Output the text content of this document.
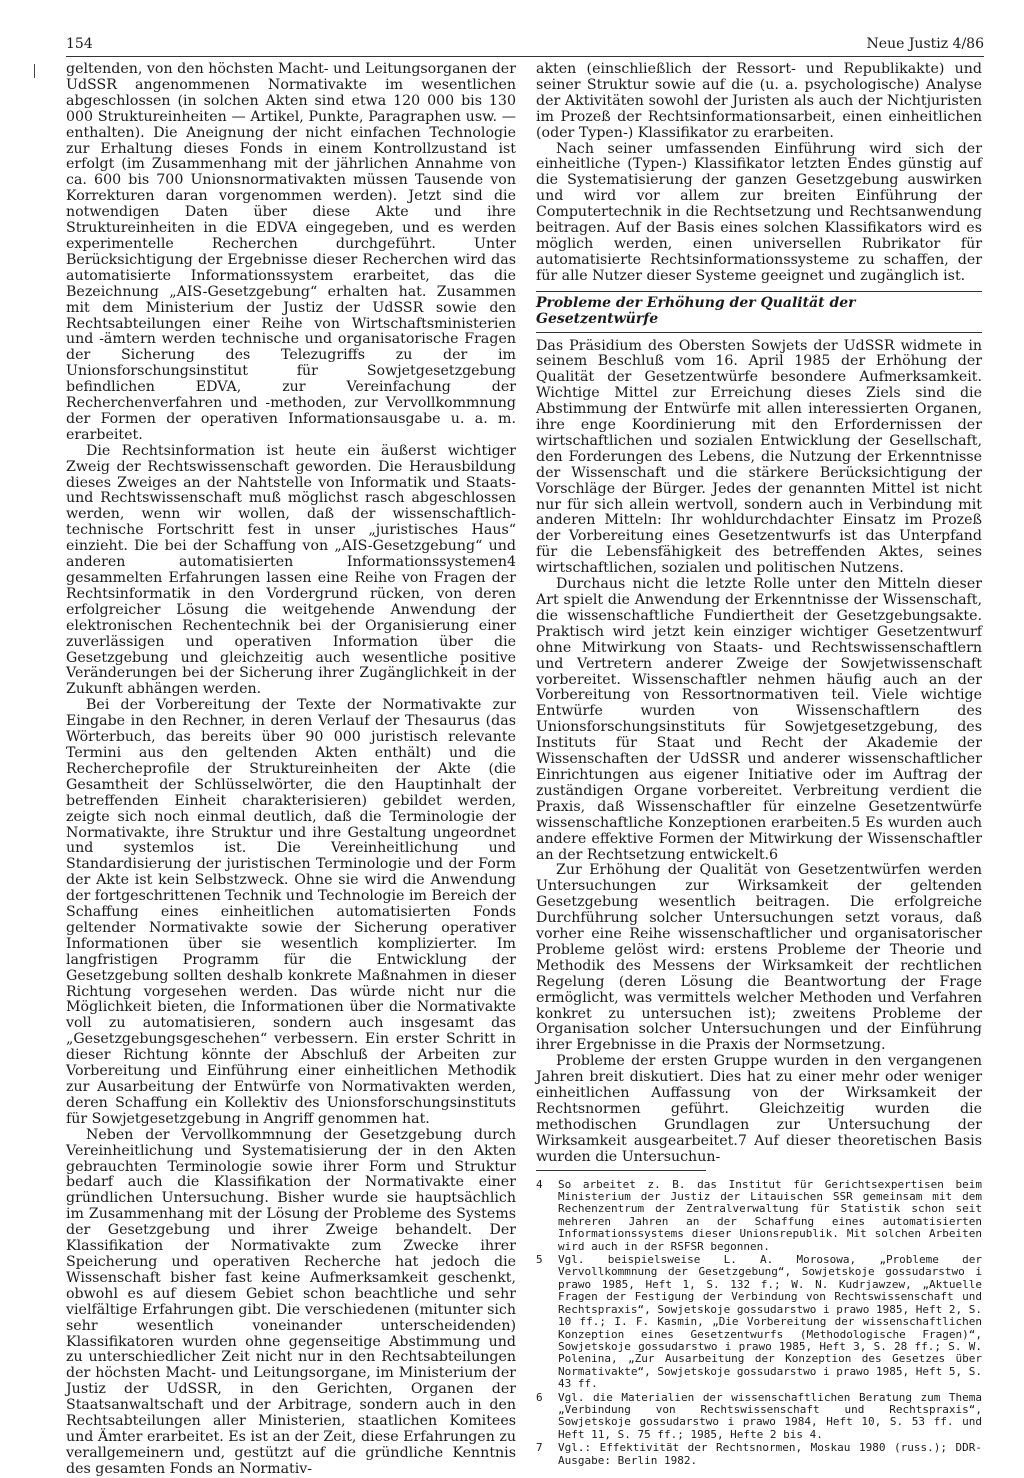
154	Neue Justiz 4/86

geltenden, von den höchsten Macht- und Leitungsorganen der UdSSR angenommenen Normativakte im wesentlichen abgeschlossen (in solchen Akten sind etwa 120 000 bis 130 000 Struktureinheiten — Artikel, Punkte, Paragraphen usw. — enthalten). Die Aneignung der nicht einfachen Technologie zur Erhaltung dieses Fonds in einem Kontrollzustand ist erfolgt (im Zusammenhang mit der jährlichen Annahme von ca. 600 bis 700 Unionsnormativakten müssen Tausende von Korrekturen daran vorgenommen werden). Jetzt sind die notwendigen Daten über diese Akte und ihre Struktureinheiten in die EDVA eingegeben, und es werden experimentelle Recherchen durchgeführt. Unter Berücksichtigung der Ergebnisse dieser Recherchen wird das automatisierte Informationssystem erarbeitet, das die Bezeichnung „AIS-Gesetzgebung“ erhalten hat. Zusammen mit dem Ministerium der Justiz der UdSSR sowie den Rechtsabteilungen einer Reihe von Wirtschaftsministerien und -ämtern werden technische und organisatorische Fragen der Sicherung des Telezugriffs zu der im Unionsforschungsinstitut für Sowjetgesetzgebung befindlichen EDVA, zur Vereinfachung der Recherchenverfahren und -methoden, zur Vervollkommnung der Formen der operativen Informationsausgabe u. a. m. erarbeitet.

Die Rechtsinformation ist heute ein äußerst wichtiger Zweig der Rechtswissenschaft geworden. Die Herausbildung dieses Zweiges an der Nahtstelle von Informatik und Staats- und Rechtswissenschaft muß möglichst rasch abgeschlossen werden, wenn wir wollen, daß der wissenschaftlich-technische Fortschritt fest in unser „juristisches Haus“ einzieht. Die bei der Schaffung von „AIS-Gesetzgebung“ und anderen automatisierten Informationssystemen4 gesammelten Erfahrungen lassen eine Reihe von Fragen der Rechtsinformatik in den Vordergrund rücken, von deren erfolgreicher Lösung die weitgehende Anwendung der elektronischen Rechentechnik bei der Organisierung einer zuverlässigen und operativen Information über die Gesetzgebung und gleichzeitig auch wesentliche positive Veränderungen bei der Sicherung ihrer Zugänglichkeit in der Zukunft abhängen werden.

Bei der Vorbereitung der Texte der Normativakte zur Eingabe in den Rechner, in deren Verlauf der Thesaurus (das Wörterbuch, das bereits über 90 000 juristisch relevante Termini aus den geltenden Akten enthält) und die Rechercheprofile der Struktureinheiten der Akte (die Gesamtheit der Schlüsselwörter, die den Hauptinhalt der betreffenden Einheit charakterisieren) gebildet werden, zeigte sich noch einmal deutlich, daß die Terminologie der Normativakte, ihre Struktur und ihre Gestaltung ungeordnet und systemlos ist. Die Vereinheitlichung und Standardisierung der juristischen Terminologie und der Form der Akte ist kein Selbstzweck. Ohne sie wird die Anwendung der fortgeschrittenen Technik und Technologie im Bereich der Schaffung eines einheitlichen automatisierten Fonds geltender Normativakte sowie der Sicherung operativer Informationen über sie wesentlich komplizierter. Im langfristigen Programm für die Entwicklung der Gesetzgebung sollten deshalb konkrete Maßnahmen in dieser Richtung vorgesehen werden. Das würde nicht nur die Möglichkeit bieten, die Informationen über die Normativakte voll zu automatisieren, sondern auch insgesamt das „Gesetzgebungsgeschehen“ verbessern. Ein erster Schritt in dieser Richtung könnte der Abschluß der Arbeiten zur Vorbereitung und Einführung einer einheitlichen Methodik zur Ausarbeitung der Entwürfe von Normativakten werden, deren Schaffung ein Kollektiv des Unionsforschungsinstituts für Sowjetgesetzgebung in Angriff genommen hat.

Neben der Vervollkommnung der Gesetzgebung durch Vereinheitlichung und Systematisierung der in den Akten gebrauchten Terminologie sowie ihrer Form und Struktur bedarf auch die Klassifikation der Normativakte einer gründlichen Untersuchung. Bisher wurde sie hauptsächlich im Zusammenhang mit der Lösung der Probleme des Systems der Gesetzgebung und ihrer Zweige behandelt. Der Klassifikation der Normativakte zum Zwecke ihrer Speicherung und operativen Recherche hat jedoch die Wissenschaft bisher fast keine Aufmerksamkeit geschenkt, obwohl es auf diesem Gebiet schon beachtliche und sehr vielfältige Erfahrungen gibt. Die verschiedenen (mitunter sich sehr wesentlich voneinander unterscheidenden) Klassifikatoren wurden ohne gegenseitige Abstimmung und zu unterschiedlicher Zeit nicht nur in den Rechtsabteilungen der höchsten Macht- und Leitungsorgane, im Ministerium der Justiz der UdSSR, in den Gerichten, Organen der Staatsanwaltschaft und der Arbitrage, sondern auch in den Rechtsabteilungen aller Ministerien, staatlichen Komitees und Ämter erarbeitet. Es ist an der Zeit, diese Erfahrungen zu verallgemeinern und, gestützt auf die gründliche Kenntnis des gesamten Fonds an Normativ-

akten (einschließlich der Ressort- und Republikakte) und seiner Struktur sowie auf die (u. a. psychologische) Analyse der Aktivitäten sowohl der Juristen als auch der Nichtjuristen im Prozeß der Rechtsinformationsarbeit, einen einheitlichen (oder Typen-) Klassifikator zu erarbeiten.

Nach seiner umfassenden Einführung wird sich der einheitliche (Typen-) Klassifikator letzten Endes günstig auf die Systematisierung der ganzen Gesetzgebung auswirken und wird vor allem zur breiten Einführung der Computertechnik in die Rechtsetzung und Rechtsanwendung beitragen. Auf der Basis eines solchen Klassifikators wird es möglich werden, einen universellen Rubrikator für automatisierte Rechtsinformationssysteme zu schaffen, der für alle Nutzer dieser Systeme geeignet und zugänglich ist.

Probleme der Erhöhung der Qualität der Gesetzentwürfe

Das Präsidium des Obersten Sowjets der UdSSR widmete in seinem Beschluß vom 16. April 1985 der Erhöhung der Qualität der Gesetzentwürfe besondere Aufmerksamkeit. Wichtige Mittel zur Erreichung dieses Ziels sind die Abstimmung der Entwürfe mit allen interessierten Organen, ihre enge Koordinierung mit den Erfordernissen der wirtschaftlichen und sozialen Entwicklung der Gesellschaft, den Forderungen des Lebens, die Nutzung der Erkenntnisse der Wissenschaft und die stärkere Berücksichtigung der Vorschläge der Bürger. Jedes der genannten Mittel ist nicht nur für sich allein wertvoll, sondern auch in Verbindung mit anderen Mitteln: Ihr wohldurchdachter Einsatz im Prozeß der Vorbereitung eines Gesetzentwurfs ist das Unterpfand für die Lebensfähigkeit des betreffenden Aktes, seines wirtschaftlichen, sozialen und politischen Nutzens.

Durchaus nicht die letzte Rolle unter den Mitteln dieser Art spielt die Anwendung der Erkenntnisse der Wissenschaft, die wissenschaftliche Fundiertheit der Gesetzgebungsakte. Praktisch wird jetzt kein einziger wichtiger Gesetzentwurf ohne Mitwirkung von Staats- und Rechtswissenschaftlern und Vertretern anderer Zweige der Sowjetwissenschaft vorbereitet. Wissenschaftler nehmen häufig auch an der Vorbereitung von Ressortnormativen teil. Viele wichtige Entwürfe wurden von Wissenschaftlern des Unionsforschungsinstituts für Sowjetgesetzgebung, des Instituts für Staat und Recht der Akademie der Wissenschaften der UdSSR und anderer wissenschaftlicher Einrichtungen aus eigener Initiative oder im Auftrag der zuständigen Organe vorbereitet. Verbreitung verdient die Praxis, daß Wissenschaftler für einzelne Gesetzentwürfe wissenschaftliche Konzeptionen erarbeiten.5 Es wurden auch andere effektive Formen der Mitwirkung der Wissenschaftler an der Rechtsetzung entwickelt.6

Zur Erhöhung der Qualität von Gesetzentwürfen werden Untersuchungen zur Wirksamkeit der geltenden Gesetzgebung wesentlich beitragen. Die erfolgreiche Durchführung solcher Untersuchungen setzt voraus, daß vorher eine Reihe wissenschaftlicher und organisatorischer Probleme gelöst wird: erstens Probleme der Theorie und Methodik des Messens der Wirksamkeit der rechtlichen Regelung (deren Lösung die Beantwortung der Frage ermöglicht, was vermittels welcher Methoden und Verfahren konkret zu untersuchen ist); zweitens Probleme der Organisation solcher Untersuchungen und der Einführung ihrer Ergebnisse in die Praxis der Normsetzung.

Probleme der ersten Gruppe wurden in den vergangenen Jahren breit diskutiert. Dies hat zu einer mehr oder weniger einheitlichen Auffassung von der Wirksamkeit der Rechtsnormen geführt. Gleichzeitig wurden die methodischen Grundlagen zur Untersuchung der Wirksamkeit ausgearbeitet.7 Auf dieser theoretischen Basis wurden die Untersuchun-

4	So arbeitet z. B. das Institut für Gerichtsexpertisen beim Ministerium der Justiz der Litauischen SSR gemeinsam mit dem Rechenzentrum der Zentralverwaltung für Statistik schon seit mehreren Jahren an der Schaffung eines automatisierten Informationssystems dieser Unionsrepublik. Mit solchen Arbeiten wird auch in der RSFSR begonnen.
5	Vgl. beispielsweise L. A. Morosowa, „Probleme der Vervollkommnung der Gesetzgebung“, Sowjetskoje gossudarstwo i prawo 1985, Heft 1, S. 132 f.; W. N. Kudrjawzew, „Aktuelle Fragen der Festigung der Verbindung von Rechtswissenschaft und Rechtspraxis“, Sowjetskoje gossudarstwo i prawo 1985, Heft 2, S. 10 ff.; I. F. Kasmin, „Die Vorbereitung der wissenschaftlichen Konzeption eines Gesetzentwurfs (Methodologische Fragen)“, Sowjetskoje gossudarstwo i prawo 1985, Heft 3, S. 28 ff.; S. W. Polenina, „Zur Ausarbeitung der Konzeption des Gesetzes über Normativakte“, Sowjetskoje gossudarstwo i prawo 1985, Heft 5, S. 43 ff.
6	Vgl. die Materialien der wissenschaftlichen Beratung zum Thema „Verbindung von Rechtswissenschaft und Rechtspraxis“, Sowjetskoje gossudarstwo i prawo 1984, Heft 10, S. 53 ff. und Heft 11, S. 75 ff.; 1985, Hefte 2 bis 4.
7	Vgl.: Effektivität der Rechtsnormen, Moskau 1980 (russ.); DDR-Ausgabe: Berlin 1982.
